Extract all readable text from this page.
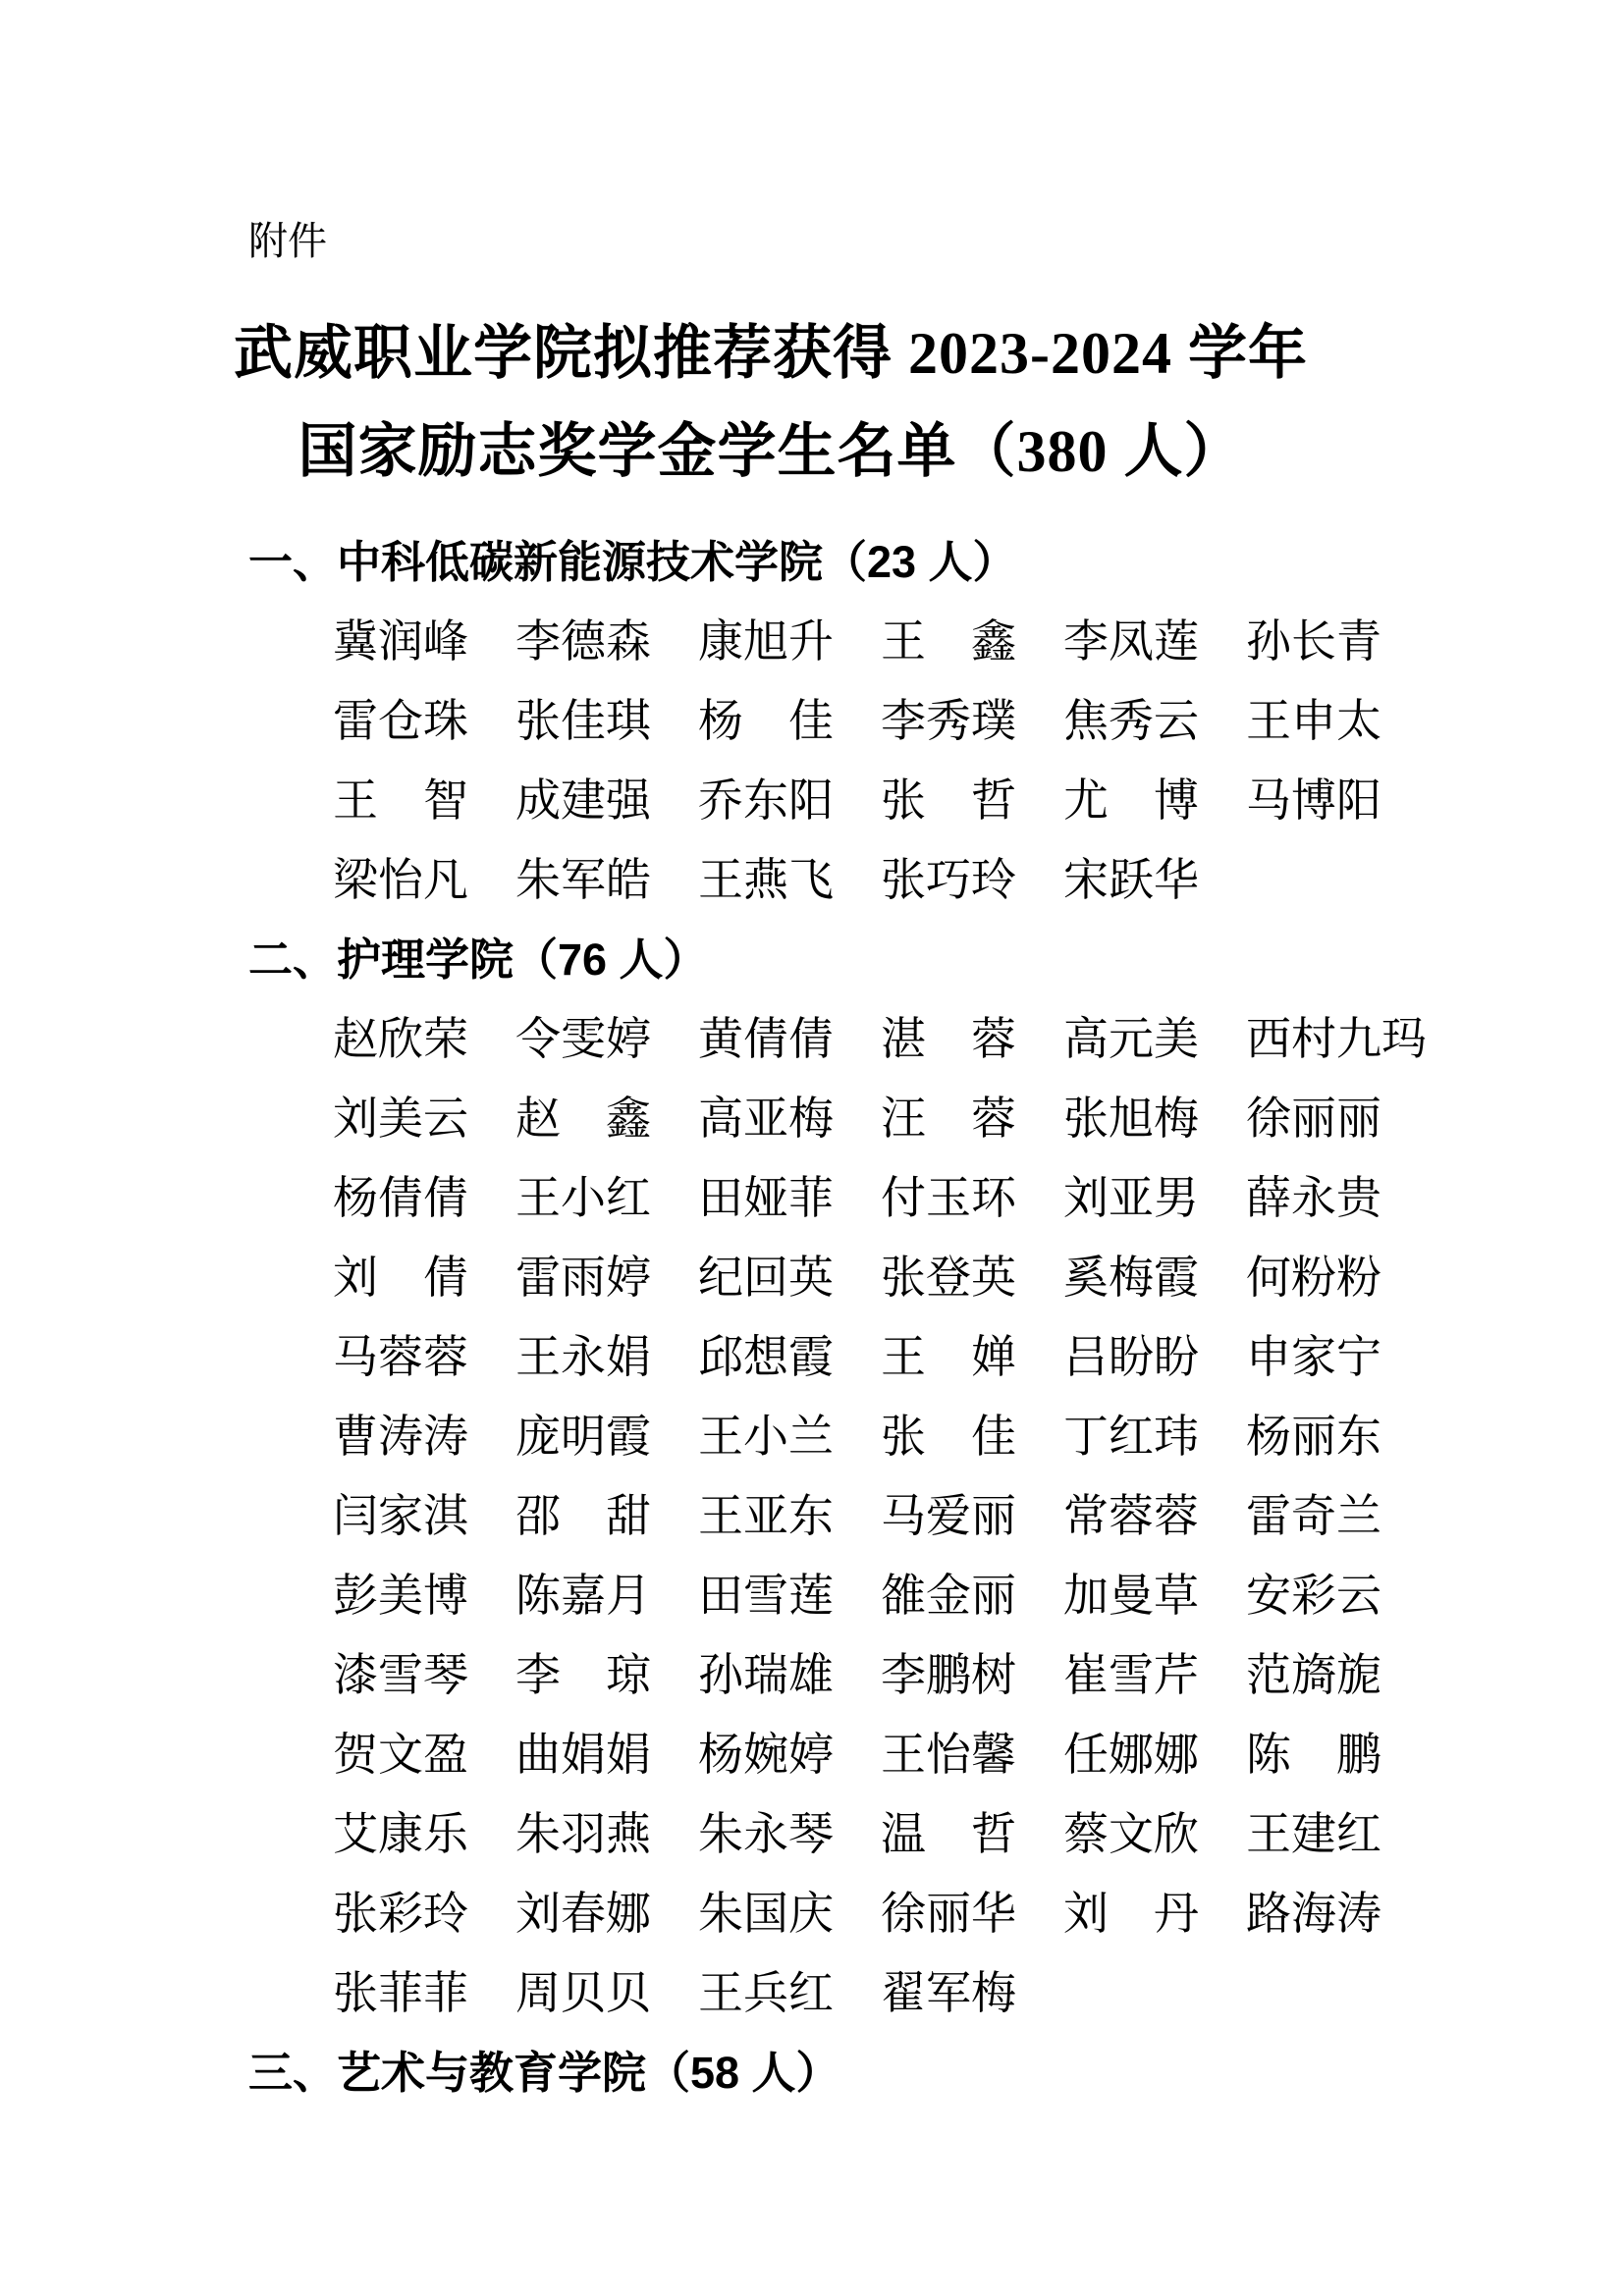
附件
武威职业学院拟推荐获得 2023-2024 学年
国家励志奖学金学生名单（380 人）
一、中科低碳新能源技术学院（23 人）
冀润峰 李德森 康旭升 王　鑫 李凤莲 孙长青
雷仓珠 张佳琪 杨　佳 李秀璞 焦秀云 王申太
王　智 成建强 乔东阳 张　哲 尤　博 马博阳
梁怡凡 朱军皓 王燕飞 张巧玲 宋跃华
二、护理学院（76 人）
赵欣荣 令雯婷 黄倩倩 湛　蓉 高元美 西村九玛
刘美云 赵　鑫 高亚梅 汪　蓉 张旭梅 徐丽丽
杨倩倩 王小红 田娅菲 付玉环 刘亚男 薛永贵
刘　倩 雷雨婷 纪回英 张登英 奚梅霞 何粉粉
马蓉蓉 王永娟 邱想霞 王　婵 吕盼盼 申家宁
曹涛涛 庞明霞 王小兰 张　佳 丁红玮 杨丽东
闫家淇 邵　甜 王亚东 马爱丽 常蓉蓉 雷奇兰
彭美博 陈嘉月 田雪莲 雒金丽 加曼草 安彩云
漆雪琴 李　琼 孙瑞雄 李鹏树 崔雪芹 范旖旎
贺文盈 曲娟娟 杨婉婷 王怡馨 任娜娜 陈　鹏
艾康乐 朱羽燕 朱永琴 温　哲 蔡文欣 王建红
张彩玲 刘春娜 朱国庆 徐丽华 刘　丹 路海涛
张菲菲 周贝贝 王兵红 翟军梅
三、艺术与教育学院（58 人）
